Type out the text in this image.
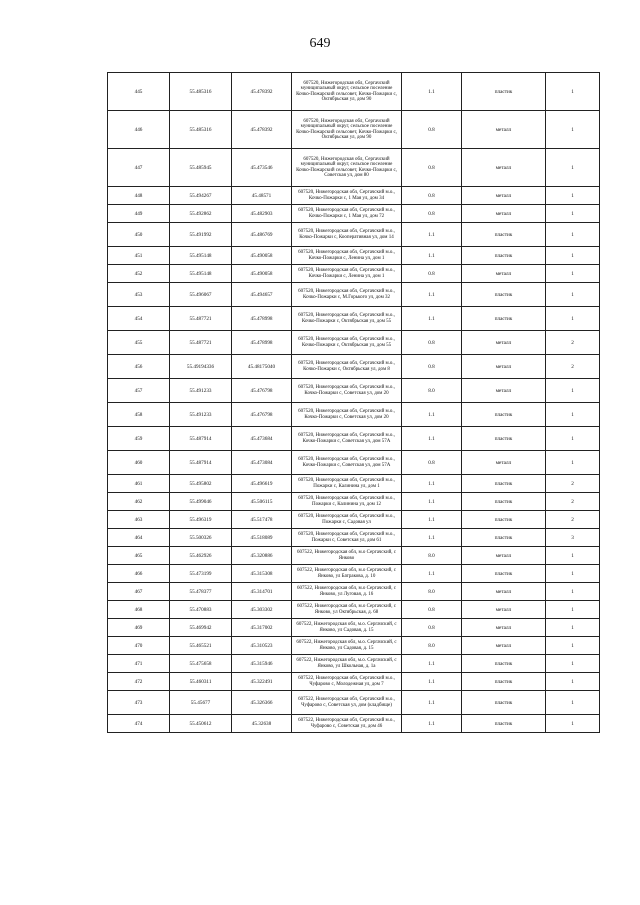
649
445	55.485316	45.478392	607520, Нижегородская обл, Сергачский муниципальный округ, сельское поселение Кочко-Пожарский сельсовет, Кочко-Пожарки с, Октябрьская ул, дом 90	1.1	пластик	1
446	55.485316	45.478392	607520, Нижегородская обл, Сергачский муниципальный округ, сельское поселение Кочко-Пожарский сельсовет, Кочко-Пожарки с, Октябрьская ул, дом 90	0.8	металл	1
447	55.485945	45.473546	607520, Нижегородская обл, Сергачский муниципальный округ, сельское поселение Кочко-Пожарский сельсовет, Кочко-Пожарки с, Советская ул, дом 80	0.8	металл	1
448	55.494267	45.48571	607520, Нижегородская обл, Сергачский м.о., Кочко-Пожарки с, 1 Мая ул, дом 34	0.8	металл	1
449	55.492862	45.482903	607520, Нижегородская обл, Сергачский м.о., Кочко-Пожарки с, 1 Мая ул, дом 72	0.8	металл	1
450	55.491992	45.486769	607520, Нижегородская обл, Сергачский м.о., Кочко-Пожарки с, Кооперативная ул, дом 14	1.1	пластик	1
451	55.495148	45.490058	607520, Нижегородская обл, Сергачский м.о., Кочко-Пожарки с, Ленина ул, дом 1	1.1	пластик	1
452	55.495148	45.490058	607520, Нижегородская обл, Сергачский м.о., Кочко-Пожарки с, Ленина ул, дом 1	0.8	металл	1
453	55.496067	45.494657	607520, Нижегородская обл, Сергачский м.о., Кочко-Пожарки с, М.Горького ул, дом 32	1.1	пластик	1
454	55.487721	45.478998	607520, Нижегородская обл, Сергачский м.о., Кочко-Пожарки с, Октябрьская ул, дом 55	1.1	пластик	1
455	55.487721	45.478998	607520, Нижегородская обл, Сергачский м.о., Кочко-Пожарки с, Октябрьская ул, дом 55	0.8	металл	2
456	55.49194336	45.48175040	607520, Нижегородская обл, Сергачский м.о., Кочко-Пожарки с, Октябрьская ул, дом 8	0.8	металл	2
457	55.491233	45.476798	607520, Нижегородская обл, Сергачский м.о., Кочко-Пожарки с, Советская ул, дом 20	8.0	металл	1
458	55.491233	45.476798	607520, Нижегородская обл, Сергачский м.о., Кочко-Пожарки с, Советская ул, дом 20	1.1	пластик	1
459	55.487914	45.473684	607520, Нижегородская обл, Сергачский м.о., Кочко-Пожарки с, Советская ул, дом 57А	1.1	пластик	1
460	55.487914	45.473084	607520, Нижегородская обл, Сергачский м.о., Кочко-Пожарки с, Советская ул, дом 57А	0.8	металл	1
461	55.495802	45.496619	607520, Нижегородская обл, Сергачский м.о., Пожарки с, Калинина ул, дом 1	1.1	пластик	2
462	55.499046	45.506115	607520, Нижегородская обл, Сергачский м.о., Пожарки с, Калинина ул, дом 12	1.1	пластик	2
463	55.496319	45.517478	607520, Нижегородская обл, Сергачский м.о., Пожарки с, Садовая ул	1.1	пластик	2
464	55.500326	45.518089	607520, Нижегородская обл, Сергачский м.о., Пожарки с, Советская ул, дом 61	1.1	пластик	3
465	55.462926	45.320886	607522, Нижегородская обл, м.о Сергачский, с Янково	8.0	металл	1
466	55.473199	45.315308	607522, Нижегородская обл, м.о Сергачский, с Янково, ул Батракова, д. 10	1.1	пластик	1
467	55.478377	45.314701	607522, Нижегородская обл, м.о Сергачский, с Янково, ул Луговая, д. 16	8.0	металл	1
468	55.470883	45.303302	607522, Нижегородская обл, м.о Сергачский, с Янково, ул Октябрьская, д. 68	0.8	металл	1
469	55.469942	45.317002	607522, Нижегородская обл, м.о. Сергачский, с Янково, ул Садовая, д. 15	0.8	металл	1
470	55.465521	45.310523	607522, Нижегородская обл, м.о. Сергачский, с Янково, ул Садовая, д. 15	8.0	металл	1
471	55.475658	45.315946	607522, Нижегородская обл, м.о. Сергачский, с Янково, ул Школьная, д. 1а	1.1	пластик	1
472	55.460311	45.322491	607522, Нижегородская обл, Сергачский м.о., Чуфарово с, Молодежная ул, дом 7	1.1	пластик	1
473	55.45677	45.326366	607522, Нижегородская обл, Сергачский м.о., Чуфарово с, Советская ул, дом (кладбище)	1.1	пластик	1
474	55.450612	45.32638	607522, Нижегородская обл, Сергачский м.о., Чуфарово с, Советская ул, дом 46	1.1	пластик	1
